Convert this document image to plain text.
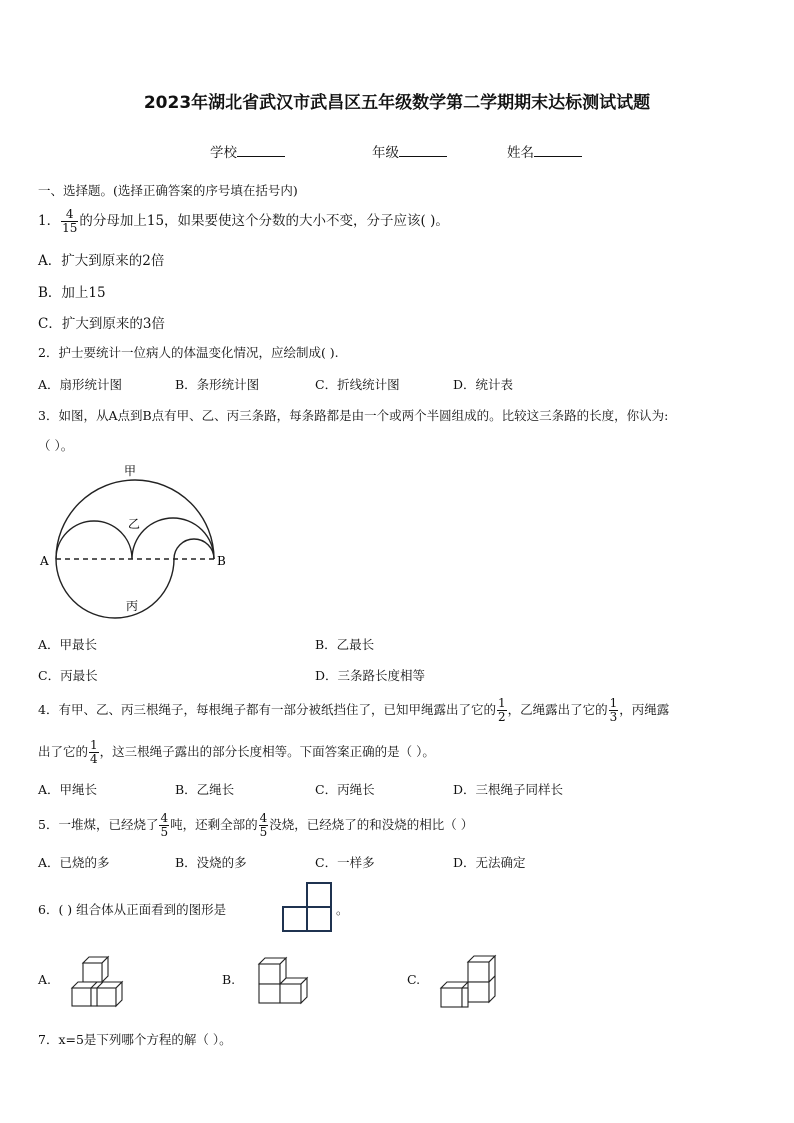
2023年湖北省武汉市武昌区五年级数学第二学期期末达标测试试题
学校	年级	姓名
一、选择题。(选择正确答案的序号填在括号内)
1． $\frac{4}{15}$ 的分母加上15，如果要使这个分数的大小不变，分子应该( )。
A．扩大到原来的2倍
B．加上15
C．扩大到原来的3倍
2．护士要统计一位病人的体温变化情况，应绘制成( ).
A．扇形统计图	B．条形统计图	C．折线统计图	D．统计表
3．如图，从A点到B点有甲、乙、丙三条路，每条路都是由一个或两个半圆组成的。比较这三条路的长度，你认为:
（ ）。
甲
乙
丙
A	B
A．甲最长	B．乙最长
C．丙最长	D．三条路长度相等
4．有甲、乙、丙三根绳子，每根绳子都有一部分被纸挡住了，已知甲绳露出了它的 $\frac{1}{2}$ ，乙绳露出了它的 $\frac{1}{3}$ ，丙绳露
出了它的 $\frac{1}{4}$ ，这三根绳子露出的部分长度相等。下面答案正确的是（ ）。
A．甲绳长	B．乙绳长	C．丙绳长	D．三根绳子同样长
5．一堆煤，已经烧了 $\frac{4}{5}$ 吨，还剩全部的 $\frac{4}{5}$ 没烧，已经烧了的和没烧的相比（ ）
A．已烧的多	B．没烧的多	C．一样多	D．无法确定
6．( ) 组合体从正面看到的图形是	。
A.	B.	C.
7．x=5是下列哪个方程的解（ ）。
